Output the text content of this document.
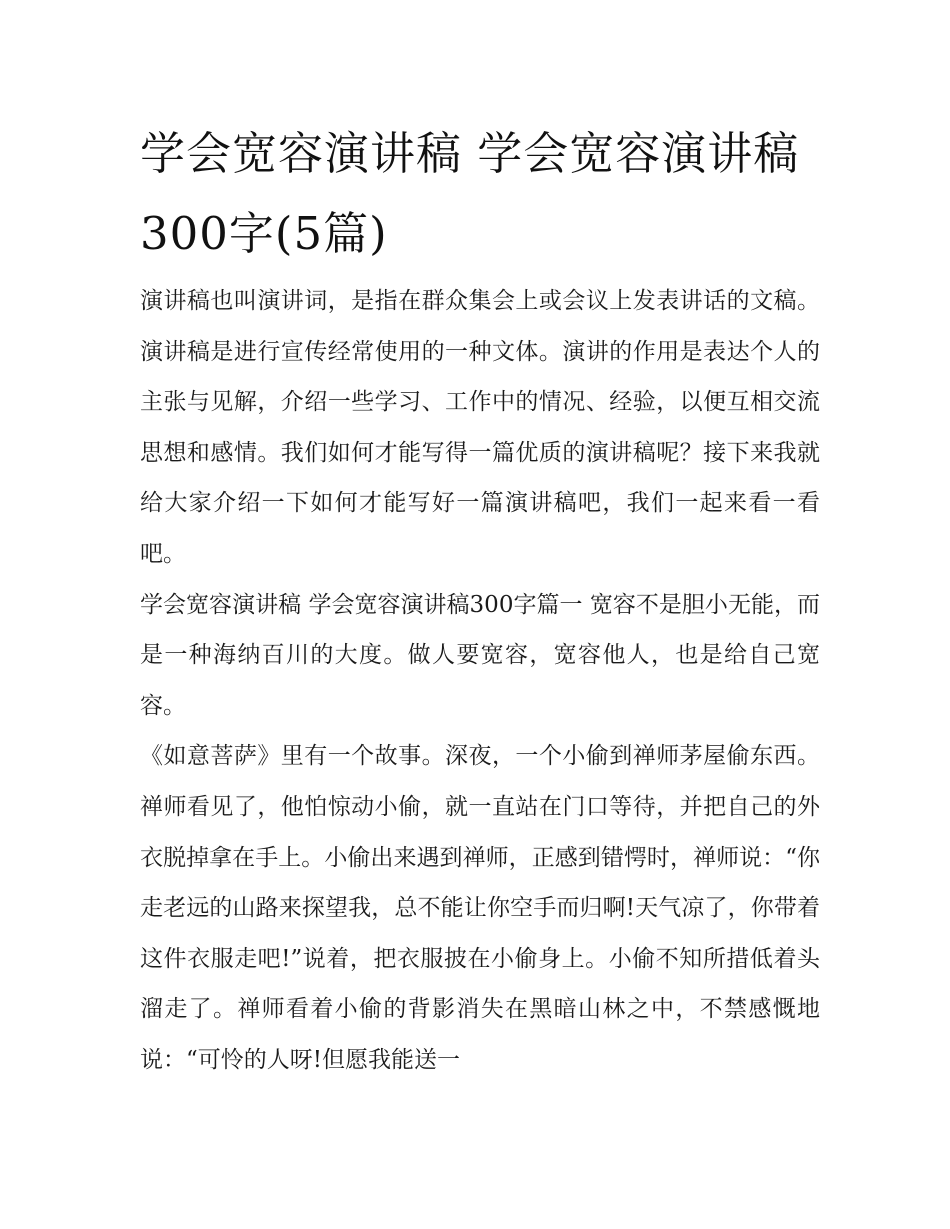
学会宽容演讲稿 学会宽容演讲稿300字(5篇)

演讲稿也叫演讲词，是指在群众集会上或会议上发表讲话的文稿。演讲稿是进行宣传经常使用的一种文体。演讲的作用是表达个人的主张与见解，介绍一些学习、工作中的情况、经验，以便互相交流思想和感情。我们如何才能写得一篇优质的演讲稿呢？接下来我就给大家介绍一下如何才能写好一篇演讲稿吧，我们一起来看一看吧。

学会宽容演讲稿 学会宽容演讲稿300字篇一 宽容不是胆小无能，而是一种海纳百川的大度。做人要宽容，宽容他人，也是给自己宽容。

《如意菩萨》里有一个故事。深夜，一个小偷到禅师茅屋偷东西。禅师看见了，他怕惊动小偷，就一直站在门口等待，并把自己的外衣脱掉拿在手上。小偷出来遇到禅师，正感到错愕时，禅师说：“你走老远的山路来探望我，总不能让你空手而归啊!天气凉了，你带着这件衣服走吧!”说着，把衣服披在小偷身上。小偷不知所措低着头溜走了。禅师看着小偷的背影消失在黑暗山林之中，不禁感慨地说：“可怜的人呀!但愿我能送一
